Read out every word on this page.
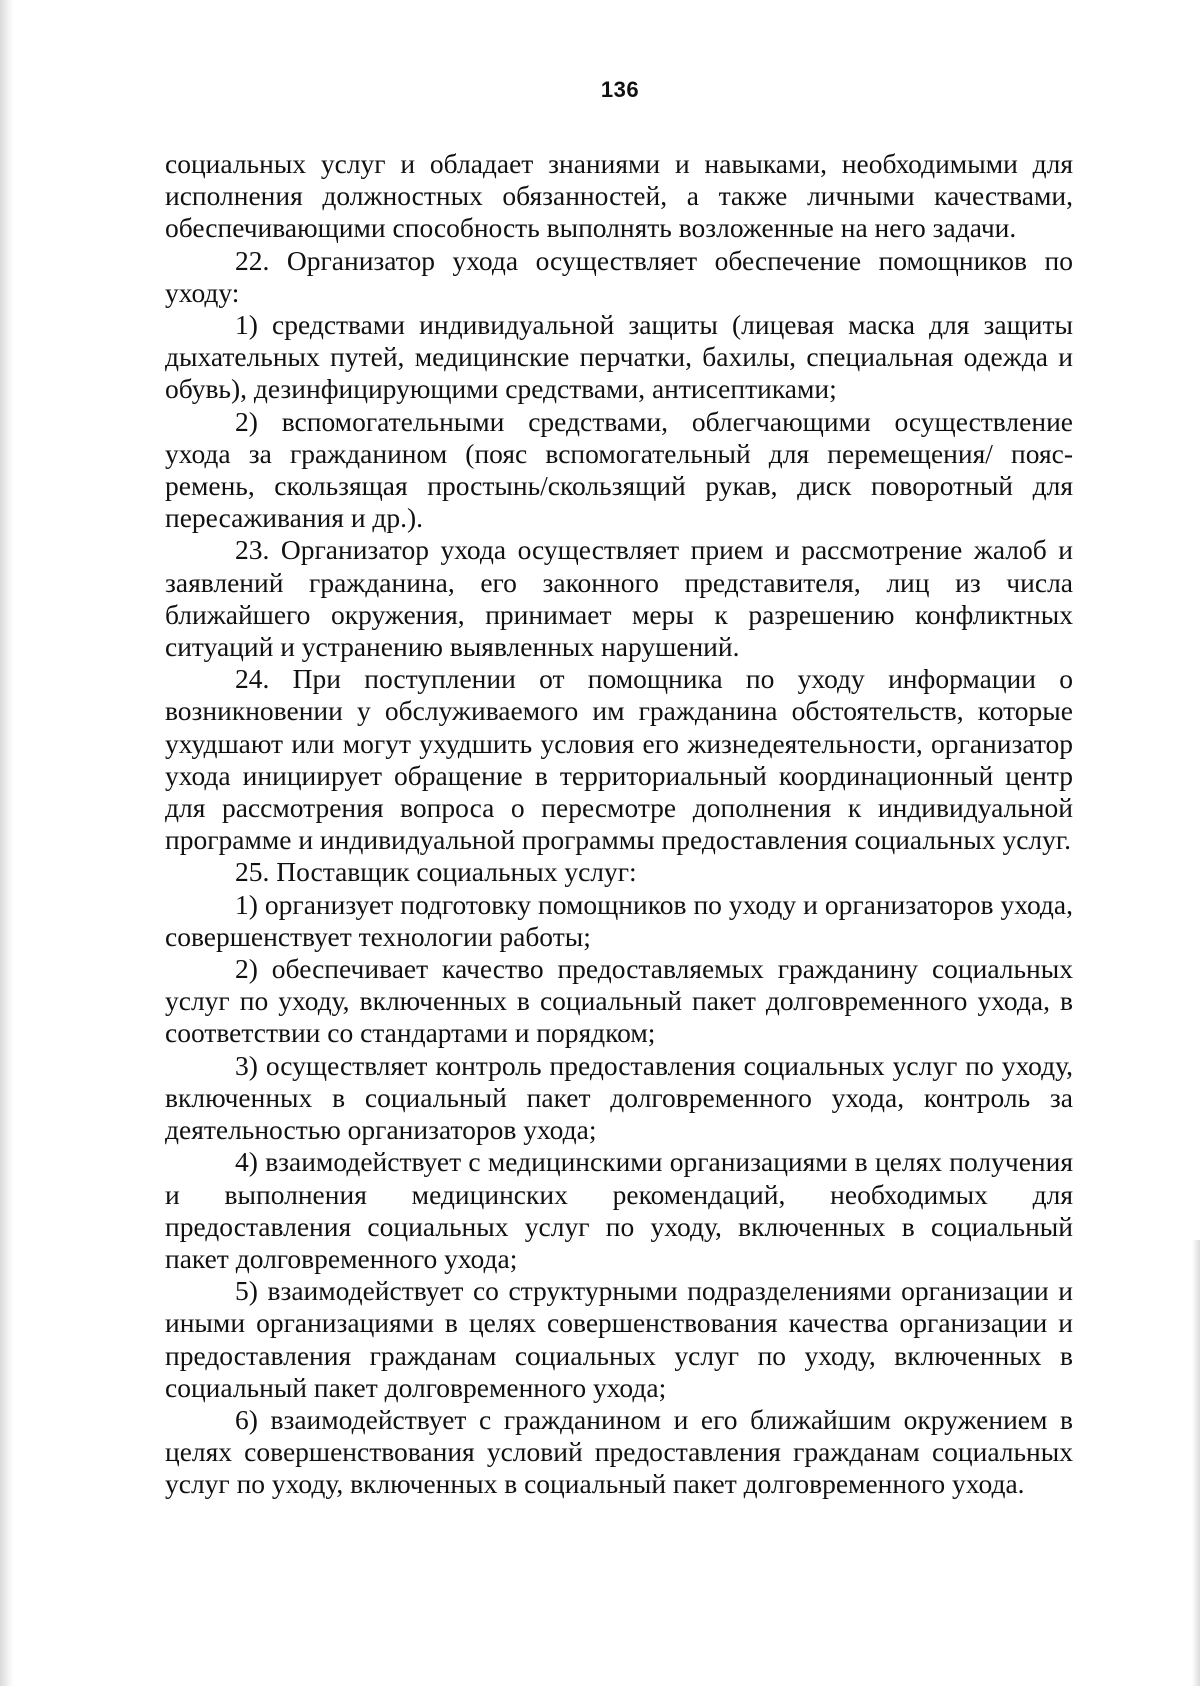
136

социальных услуг и обладает знаниями и навыками, необходимыми для исполнения должностных обязанностей, а также личными качествами, обеспечивающими способность выполнять возложенные на него задачи.

22. Организатор ухода осуществляет обеспечение помощников по уходу:

1) средствами индивидуальной защиты (лицевая маска для защиты дыхательных путей, медицинские перчатки, бахилы, специальная одежда и обувь), дезинфицирующими средствами, антисептиками;

2) вспомогательными средствами, облегчающими осуществление ухода за гражданином (пояс вспомогательный для перемещения/ пояс-ремень, скользящая простынь/скользящий рукав, диск поворотный для пересаживания и др.).

23. Организатор ухода осуществляет прием и рассмотрение жалоб и заявлений гражданина, его законного представителя, лиц из числа ближайшего окружения, принимает меры к разрешению конфликтных ситуаций и устранению выявленных нарушений.

24. При поступлении от помощника по уходу информации о возникновении у обслуживаемого им гражданина обстоятельств, которые ухудшают или могут ухудшить условия его жизнедеятельности, организатор ухода инициирует обращение в территориальный координационный центр для рассмотрения вопроса о пересмотре дополнения к индивидуальной программе и индивидуальной программы предоставления социальных услуг.

25. Поставщик социальных услуг:

1) организует подготовку помощников по уходу и организаторов ухода, совершенствует технологии работы;

2) обеспечивает качество предоставляемых гражданину социальных услуг по уходу, включенных в социальный пакет долговременного ухода, в соответствии со стандартами и порядком;

3) осуществляет контроль предоставления социальных услуг по уходу, включенных в социальный пакет долговременного ухода, контроль за деятельностью организаторов ухода;

4) взаимодействует с медицинскими организациями в целях получения и выполнения медицинских рекомендаций, необходимых для предоставления социальных услуг по уходу, включенных в социальный пакет долговременного ухода;

5) взаимодействует со структурными подразделениями организации и иными организациями в целях совершенствования качества организации и предоставления гражданам социальных услуг по уходу, включенных в социальный пакет долговременного ухода;

6) взаимодействует с гражданином и его ближайшим окружением в целях совершенствования условий предоставления гражданам социальных услуг по уходу, включенных в социальный пакет долговременного ухода.
